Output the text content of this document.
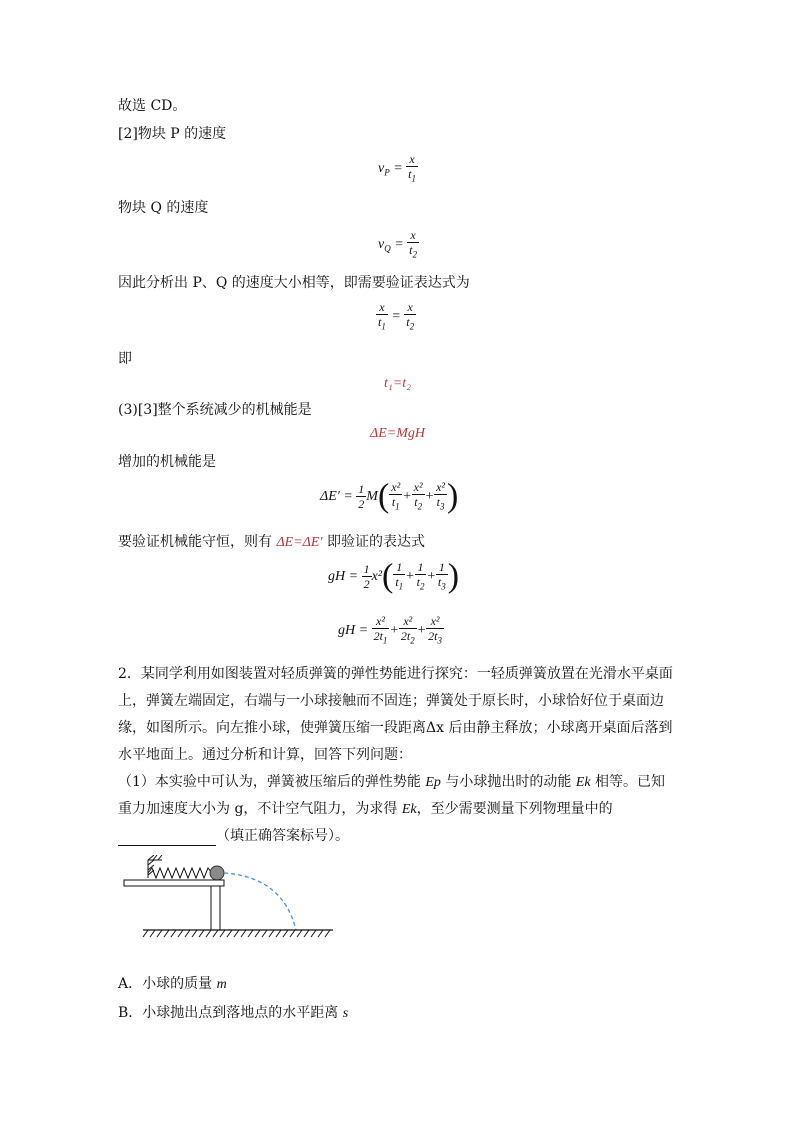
故选 CD。
[2]物块 P 的速度
$v_P = \frac{x}{t_1}$
物块 Q 的速度
$v_Q = \frac{x}{t_2}$
因此分析出 P、Q 的速度大小相等，即需要验证表达式为
$\frac{x}{t_1} = \frac{x}{t_2}$
即
t₁=t₂
(3)[3]整个系统减少的机械能是
ΔE=MgH
增加的机械能是
$\Delta E' = \frac{1}{2} M( \frac{\text{x²}}{t_1} + \frac{\text{x²}}{t_2} + \frac{\text{x²}}{t_3}$ )
要验证机械能守恒，则有 ΔE=ΔE′ 即验证的表达式
gH = $\frac{1}{2} x^2( \frac{1}{t_1} + \frac{1}{t_2} + \frac{1}{t_3}$ )
gH = $\frac{\text{x²}}{2t_1} + \frac{\text{x²}}{2t_2} + \frac{\text{x²}}{2t_3}$
2．某同学利用如图装置对轻质弹簧的弹性势能进行探究：一轻质弹簧放置在光滑水平桌面
上，弹簧左端固定，右端与一小球接触而不固连；弹簧处于原长时，小球恰好位于桌面边
缘，如图所示。向左推小球，使弹簧压缩一段距离Δx 后由静主释放；小球离开桌面后落到
水平地面上。通过分析和计算，回答下列问题：
（1）本实验中可认为，弹簧被压缩后的弹性势能 Ep 与小球抛出时的动能 Ek 相等。已知
重力加速度大小为 g，不计空气阻力，为求得 Ek，至少需要测量下列物理量中的
（填正确答案标号）。
A．小球的质量 m
B．小球抛出点到落地点的水平距离 s
